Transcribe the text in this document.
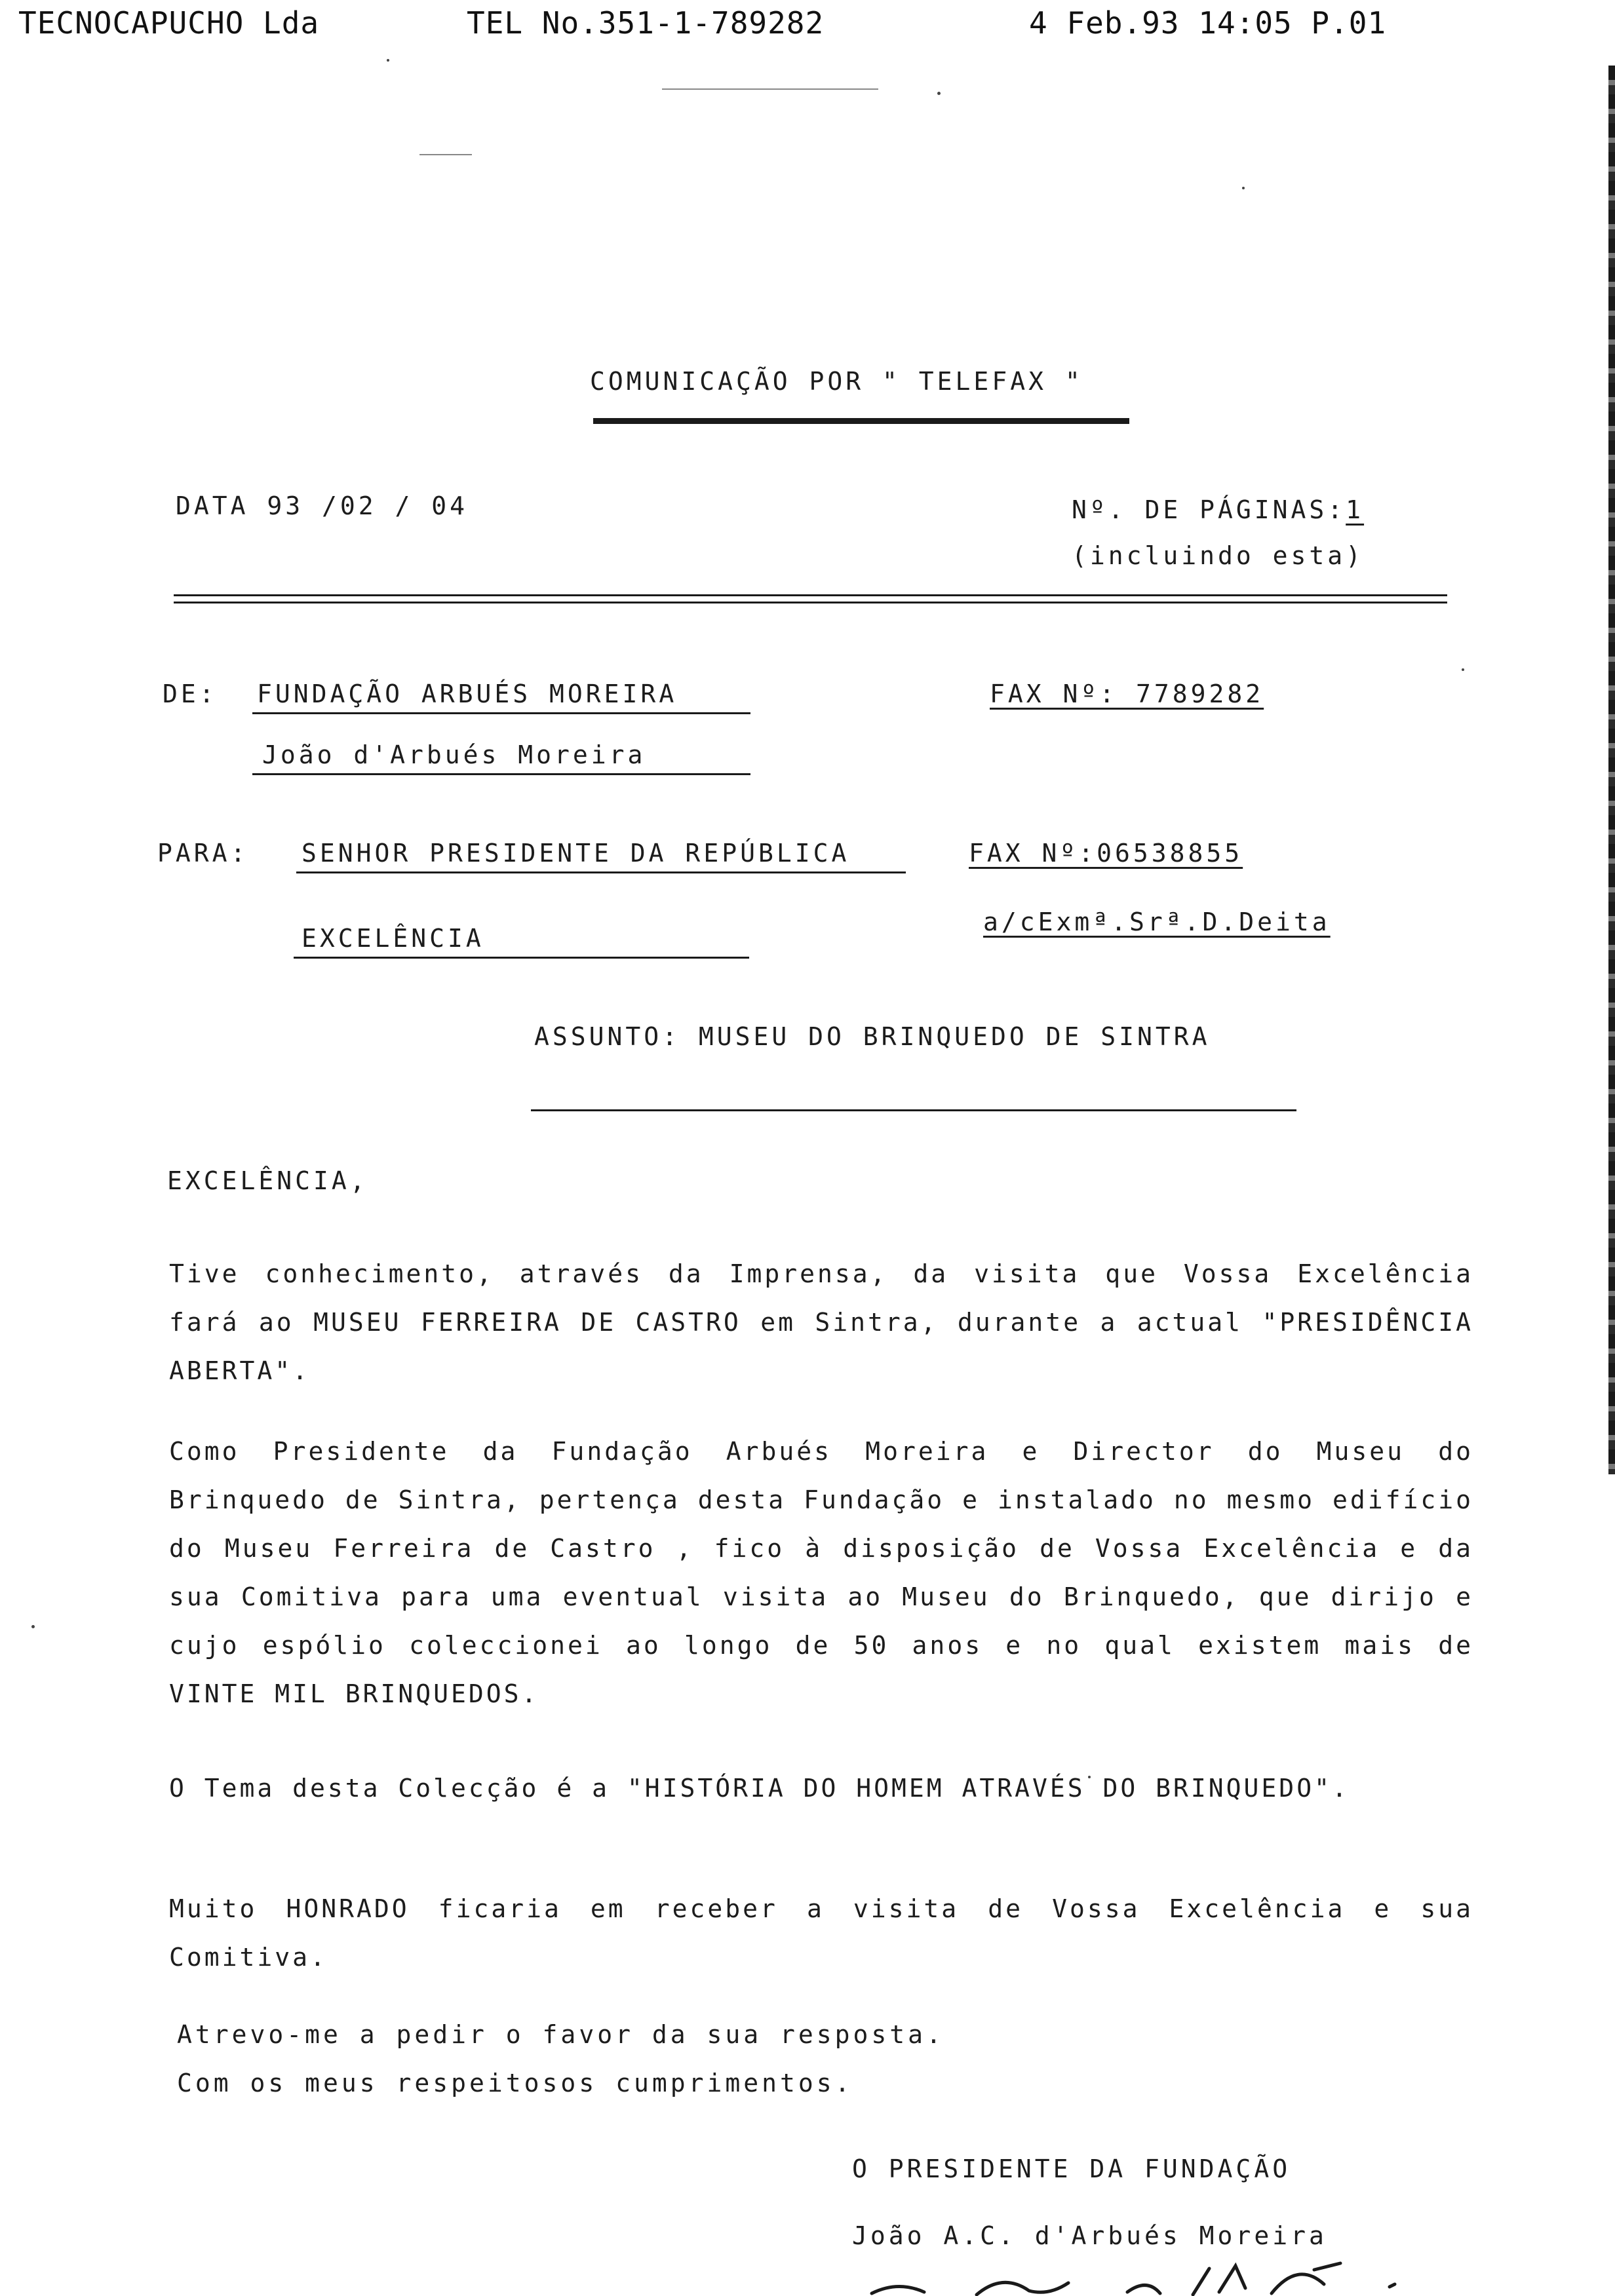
TECNOCAPUCHO Lda	TEL No.351-1-789282	4 Feb.93 14:05 P.01
COMUNICAÇÃO POR " TELEFAX "
DATA 93 /02 / 04	Nº. DE PÁGINAS:1
(incluindo esta)
DE: FUNDAÇÃO ARBUÉS MOREIRA
João d'Arbués Moreira
FAX Nº: 7789282
PARA: SENHOR PRESIDENTE DA REPÚBLICA
EXCELÊNCIA
FAX Nº:06538855
a/cExmª.Srª.D.Deita
ASSUNTO: MUSEU DO BRINQUEDO DE SINTRA
EXCELÊNCIA,
Tive conhecimento, através da Imprensa, da visita que Vossa Excelência fará ao MUSEU FERREIRA DE CASTRO em Sintra, durante a actual "PRESIDÊNCIA ABERTA".
Como Presidente da Fundação Arbués Moreira e Director do Museu do Brinquedo de Sintra, pertença desta Fundação e instalado no mesmo edifício do Museu Ferreira de Castro , fico à disposição de Vossa Excelência e da sua Comitiva para uma eventual visita ao Museu do Brinquedo, que dirijo e cujo espólio coleccionei ao longo de 50 anos e no qual existem mais de VINTE MIL BRINQUEDOS.
O Tema desta Colecção é a "HISTÓRIA DO HOMEM ATRAVÉS DO BRINQUEDO".
Muito HONRADO ficaria em receber a visita de Vossa Excelência e sua Comitiva.
Atrevo-me a pedir o favor da sua resposta.
Com os meus respeitosos cumprimentos.
O PRESIDENTE DA FUNDAÇÃO
João A.C. d'Arbués Moreira
